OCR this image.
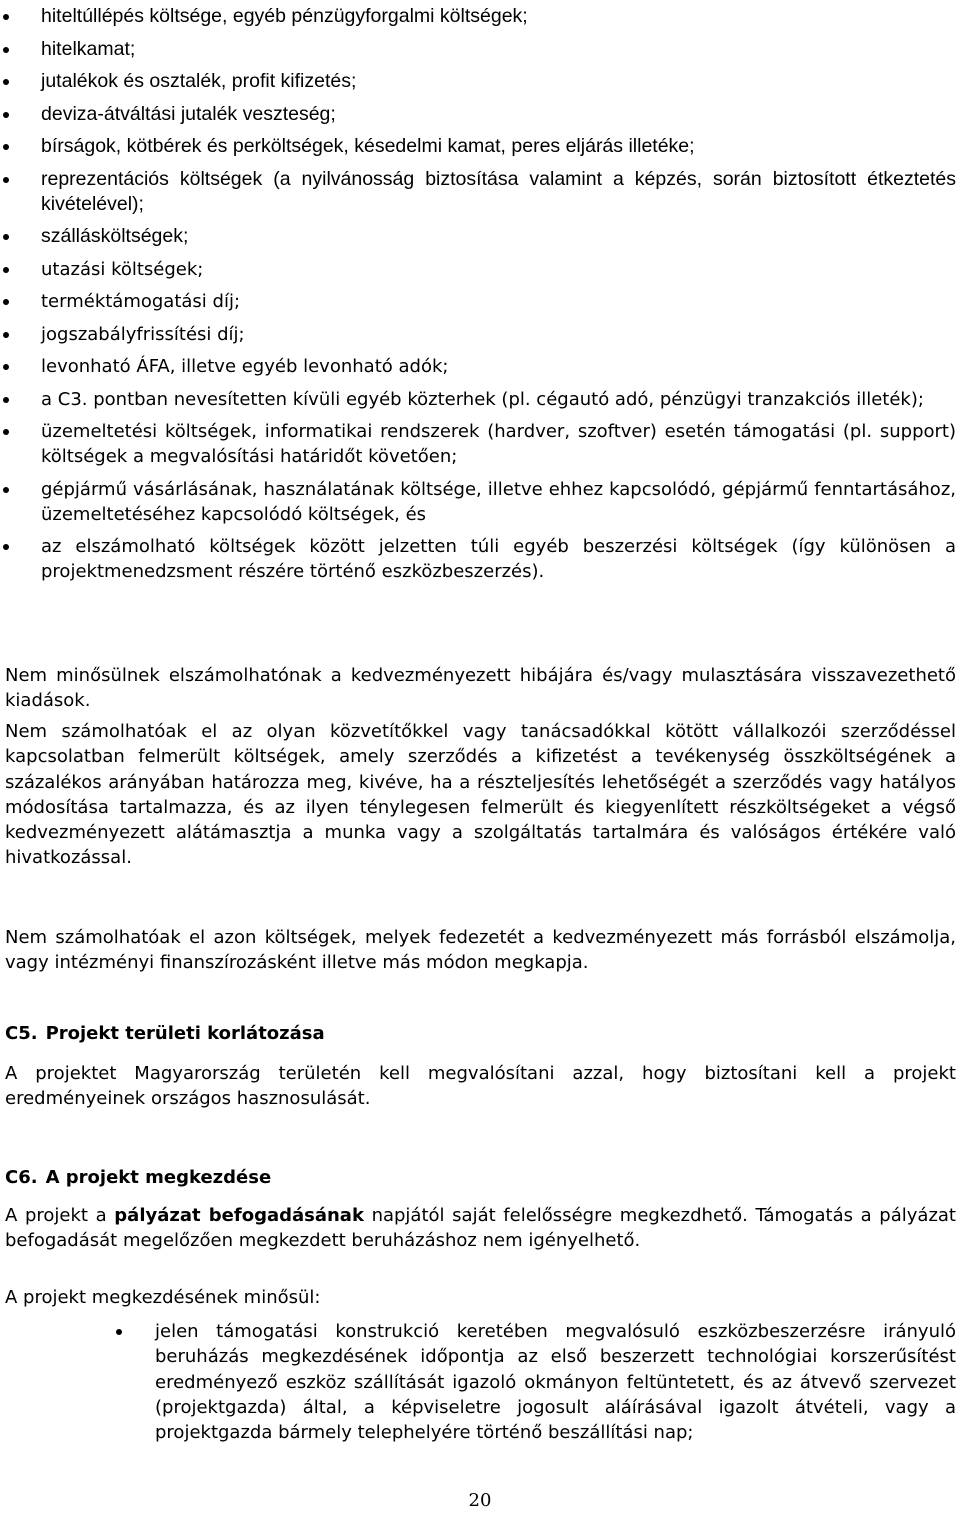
hiteltúllépés költsége, egyéb pénzügyforgalmi költségek;
hitelkamat;
jutalékok és osztalék, profit kifizetés;
deviza-átváltási jutalék veszteség;
bírságok, kötbérek és perköltségek, késedelmi kamat, peres eljárás illetéke;
reprezentációs költségek (a nyilvánosság biztosítása valamint a képzés, során biztosított étkeztetés kivételével);
szállásköltségek;
utazási költségek;
terméktámogatási díj;
jogszabályfrissítési díj;
levonható ÁFA, illetve egyéb levonható adók;
a C3. pontban nevesítetten kívüli egyéb közterhek (pl. cégautó adó, pénzügyi tranzakciós illeték);
üzemeltetési költségek, informatikai rendszerek (hardver, szoftver) esetén támogatási (pl. support) költségek a megvalósítási határidőt követően;
gépjármű vásárlásának, használatának költsége, illetve ehhez kapcsolódó, gépjármű fenntartásához, üzemeltetéséhez kapcsolódó költségek, és
az elszámolható költségek között jelzetten túli egyéb beszerzési költségek (így különösen a projektmenedzsment részére történő eszközbeszerzés).

Nem minősülnek elszámolhatónak a kedvezményezett hibájára és/vagy mulasztására visszavezethető kiadások.

Nem számolhatóak el az olyan közvetítőkkel vagy tanácsadókkal kötött vállalkozói szerződéssel kapcsolatban felmerült költségek, amely szerződés a kifizetést a tevékenység összköltségének a százalékos arányában határozza meg, kivéve, ha a részteljesítés lehetőségét a szerződés vagy hatályos módosítása tartalmazza, és az ilyen ténylegesen felmerült és kiegyenlített részköltségeket a végső kedvezményezett alátámasztja a munka vagy a szolgáltatás tartalmára és valóságos értékére való hivatkozással.

Nem számolhatóak el azon költségek, melyek fedezetét a kedvezményezett más forrásból elszámolja, vagy intézményi finanszírozásként illetve más módon megkapja.

C5. Projekt területi korlátozása

A projektet Magyarország területén kell megvalósítani azzal, hogy biztosítani kell a projekt eredményeinek országos hasznosulását.

C6. A projekt megkezdése

A projekt a pályázat befogadásának napjától saját felelősségre megkezdhető. Támogatás a pályázat befogadását megelőzően megkezdett beruházáshoz nem igényelhető.

A projekt megkezdésének minősül:

jelen támogatási konstrukció keretében megvalósuló eszközbeszerzésre irányuló beruházás megkezdésének időpontja az első beszerzett technológiai korszerűsítést eredményező eszköz szállítását igazoló okmányon feltüntetett, és az átvevő szervezet (projektgazda) által, a képviseletre jogosult aláírásával igazolt átvételi, vagy a projektgazda bármely telephelyére történő beszállítási nap;
20
